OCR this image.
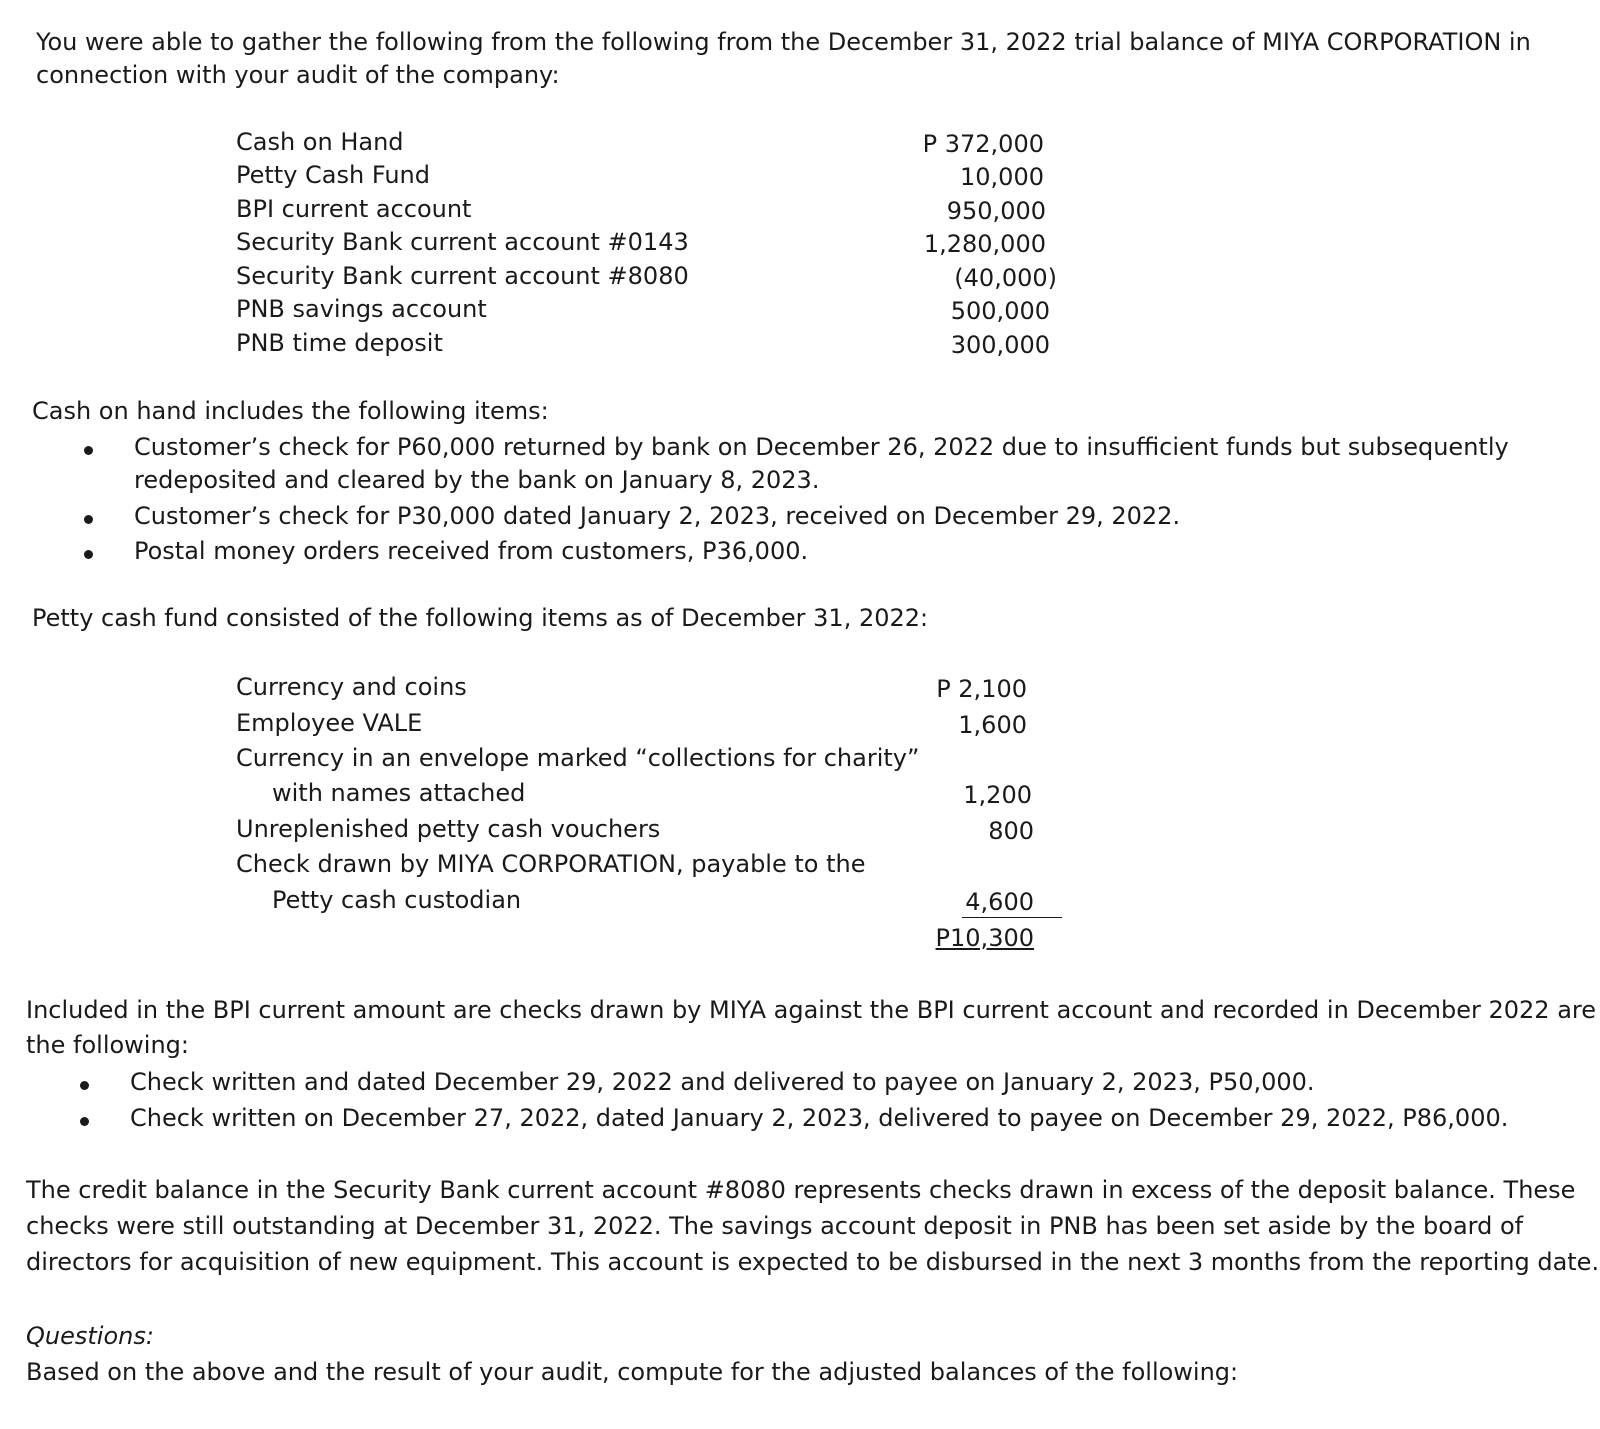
You were able to gather the following from the following from the December 31, 2022 trial balance of MIYA CORPORATION in
connection with your audit of the company:
Cash on Hand	P 372,000
Petty Cash Fund	10,000
BPI current account	950,000
Security Bank current account #0143	1,280,000
Security Bank current account #8080	(40,000)
PNB savings account	500,000
PNB time deposit	300,000
Cash on hand includes the following items:
Customer’s check for P60,000 returned by bank on December 26, 2022 due to insufficient funds but subsequently
redeposited and cleared by the bank on January 8, 2023.
Customer’s check for P30,000 dated January 2, 2023, received on December 29, 2022.
Postal money orders received from customers, P36,000.
Petty cash fund consisted of the following items as of December 31, 2022:
Currency and coins	P 2,100
Employee VALE	1,600
Currency in an envelope marked “collections for charity”
with names attached	1,200
Unreplenished petty cash vouchers	800
Check drawn by MIYA CORPORATION, payable to the
Petty cash custodian	4,600
P10,300
Included in the BPI current amount are checks drawn by MIYA against the BPI current account and recorded in December 2022 are
the following:
Check written and dated December 29, 2022 and delivered to payee on January 2, 2023, P50,000.
Check written on December 27, 2022, dated January 2, 2023, delivered to payee on December 29, 2022, P86,000.
The credit balance in the Security Bank current account #8080 represents checks drawn in excess of the deposit balance. These
checks were still outstanding at December 31, 2022. The savings account deposit in PNB has been set aside by the board of
directors for acquisition of new equipment. This account is expected to be disbursed in the next 3 months from the reporting date.
Questions:
Based on the above and the result of your audit, compute for the adjusted balances of the following:
